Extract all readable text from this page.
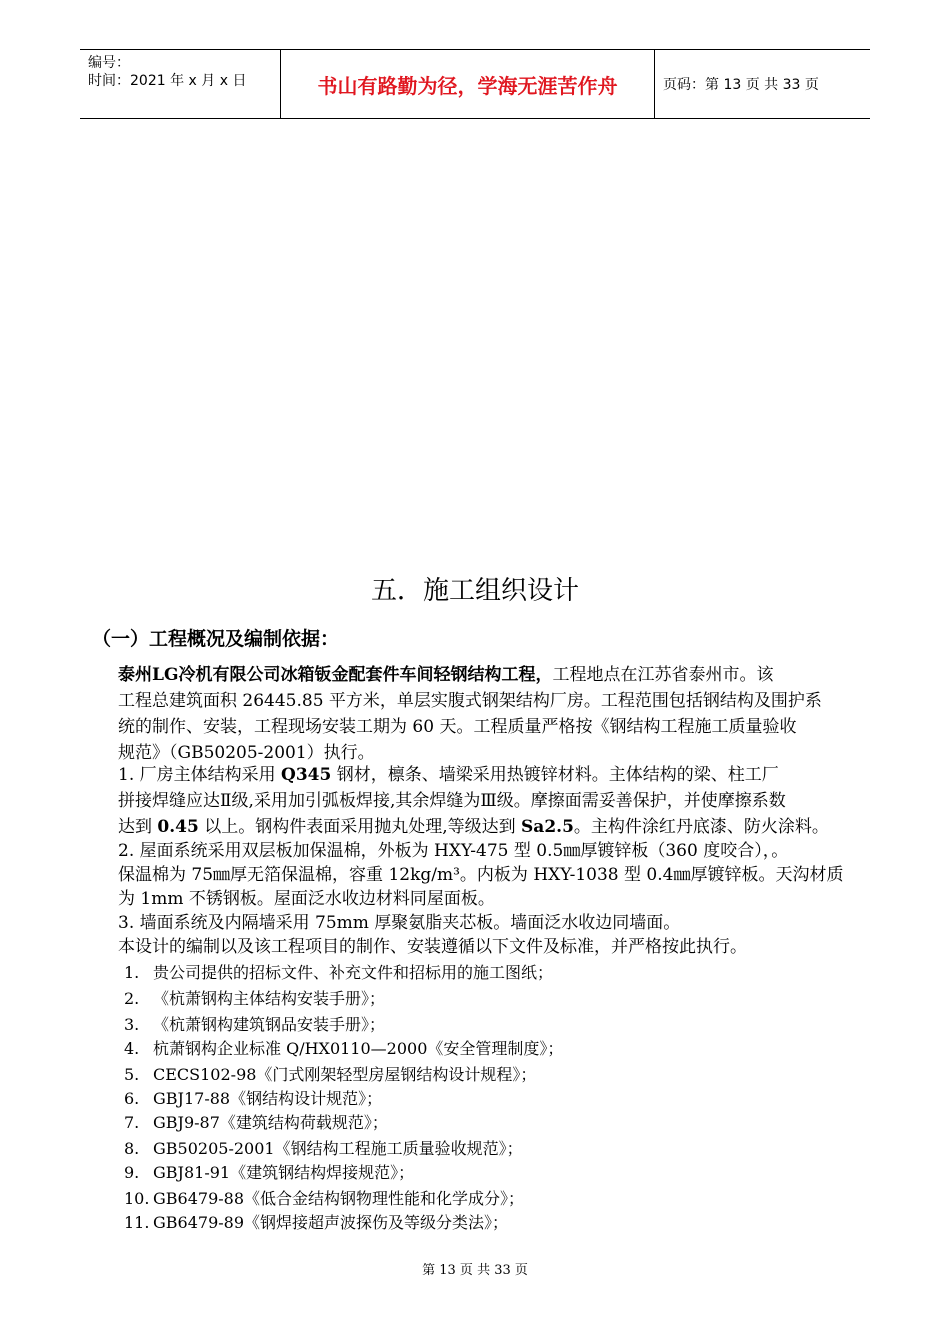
编号：
时间：2021 年 x 月 x 日	书山有路勤为径，学海无涯苦作舟	页码：第 13 页 共 33 页
五．施工组织设计
（一）工程概况及编制依据：
泰州LG冷机有限公司冰箱钣金配套件车间轻钢结构工程，工程地点在江苏省泰州市。该
工程总建筑面积 26445.85 平方米，单层实腹式钢架结构厂房。工程范围包括钢结构及围护系
统的制作、安装，工程现场安装工期为 60 天。工程质量严格按《钢结构工程施工质量验收
规范》（GB50205-2001）执行。
1. 厂房主体结构采用 Q345 钢材，檩条、墙梁采用热镀锌材料。主体结构的梁、柱工厂
拼接焊缝应达Ⅱ级,采用加引弧板焊接,其余焊缝为Ⅲ级。摩擦面需妥善保护，并使摩擦系数
达到 0.45 以上。钢构件表面采用抛丸处理,等级达到 Sa2.5。主构件涂红丹底漆、防火涂料。
2. 屋面系统采用双层板加保温棉，外板为 HXY-475 型 0.5㎜厚镀锌板（360 度咬合），。
保温棉为 75㎜厚无箔保温棉，容重 12kg/m³。内板为 HXY-1038 型 0.4㎜厚镀锌板。天沟材质
为 1mm 不锈钢板。屋面泛水收边材料同屋面板。
3. 墙面系统及内隔墙采用 75mm 厚聚氨脂夹芯板。墙面泛水收边同墙面。
本设计的编制以及该工程项目的制作、安装遵循以下文件及标准，并严格按此执行。
1. 贵公司提供的招标文件、补充文件和招标用的施工图纸；
2. 《杭萧钢构主体结构安装手册》；
3. 《杭萧钢构建筑钢品安装手册》；
4. 杭萧钢构企业标准 Q/HX0110—2000《安全管理制度》；
5. CECS102-98《门式刚架轻型房屋钢结构设计规程》；
6. GBJ17-88《钢结构设计规范》；
7. GBJ9-87《建筑结构荷载规范》；
8. GB50205-2001《钢结构工程施工质量验收规范》；
9. GBJ81-91《建筑钢结构焊接规范》；
10. GB6479-88《低合金结构钢物理性能和化学成分》；
11. GB6479-89《钢焊接超声波探伤及等级分类法》；
第 13 页 共 33 页
